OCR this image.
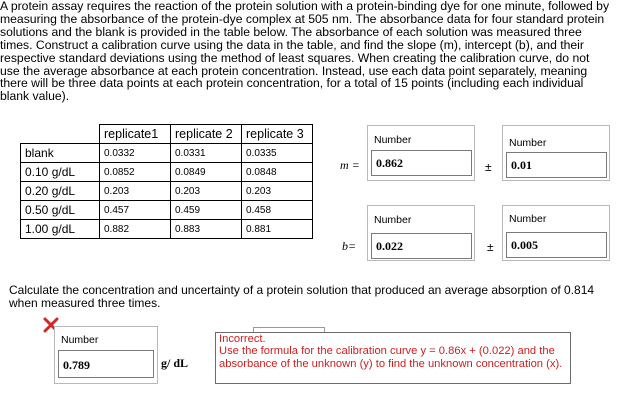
A protein assay requires the reaction of the protein solution with a protein-binding dye for one minute, followed by measuring the absorbance of the protein-dye complex at 505 nm. The absorbance data for four standard protein solutions and the blank is provided in the table below. The absorbance of each solution was measured three times. Construct a calibration curve using the data in the table, and find the slope (m), intercept (b), and their respective standard deviations using the method of least squares. When creating the calibration curve, do not use the average absorbance at each protein concentration. Instead, use each data point separately, meaning there will be three data points at each protein concentration, for a total of 15 points (including each individual blank value).

	replicate1	replicate 2	replicate 3
blank	0.0332	0.0331	0.0335
0.10 g/dL	0.0852	0.0849	0.0848
0.20 g/dL	0.203	0.203	0.203
0.50 g/dL	0.457	0.459	0.458
1.00 g/dL	0.882	0.883	0.881
m =
Number
0.862	±
Number
0.01
b=
Number
0.022	±
Number
0.005

Calculate the concentration and uncertainty of a protein solution that produced an average absorption of 0.814 when measured three times.

Number
0.789	g/ dL
Incorrect.
Use the formula for the calibration curve y = 0.86x + (0.022) and the absorbance of the unknown (y) to find the unknown concentration (x).
